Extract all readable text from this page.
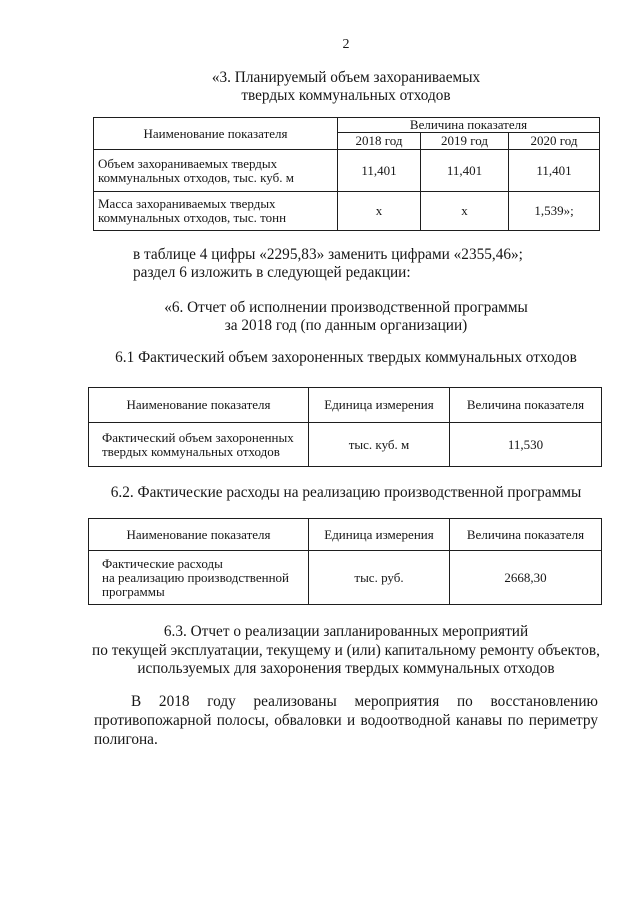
2
«3. Планируемый объем захораниваемых
твердых коммунальных отходов
Наименование показателя	Величина показателя		
	2018 год	2019 год	2020 год

Объем захораниваемых твердых
коммунальных отходов, тыс. куб. м	11,401	11,401	11,401

Масса захораниваемых твердых
коммунальных отходов, тыс. тонн	х	х	1,539»;
в таблице 4 цифры «2295,83» заменить цифрами «2355,46»;
раздел 6 изложить в следующей редакции:
«6. Отчет об исполнении производственной программы
за 2018 год (по данным организации)
6.1 Фактический объем захороненных твердых коммунальных отходов
Наименование показателя	Единица измерения	Величина показателя

Фактический объем захороненных
твердых коммунальных отходов	тыс. куб. м	11,530
6.2. Фактические расходы на реализацию производственной программы
Наименование показателя	Единица измерения	Величина показателя

Фактические расходы
на реализацию производственной
программы	тыс. руб.	2668,30
6.3. Отчет о реализации запланированных мероприятий
по текущей эксплуатации, текущему и (или) капитальному ремонту объектов,
используемых для захоронения твердых коммунальных отходов
В 2018 году реализованы мероприятия по восстановлению
противопожарной полосы, обваловки и водоотводной канавы по периметру
полигона.
